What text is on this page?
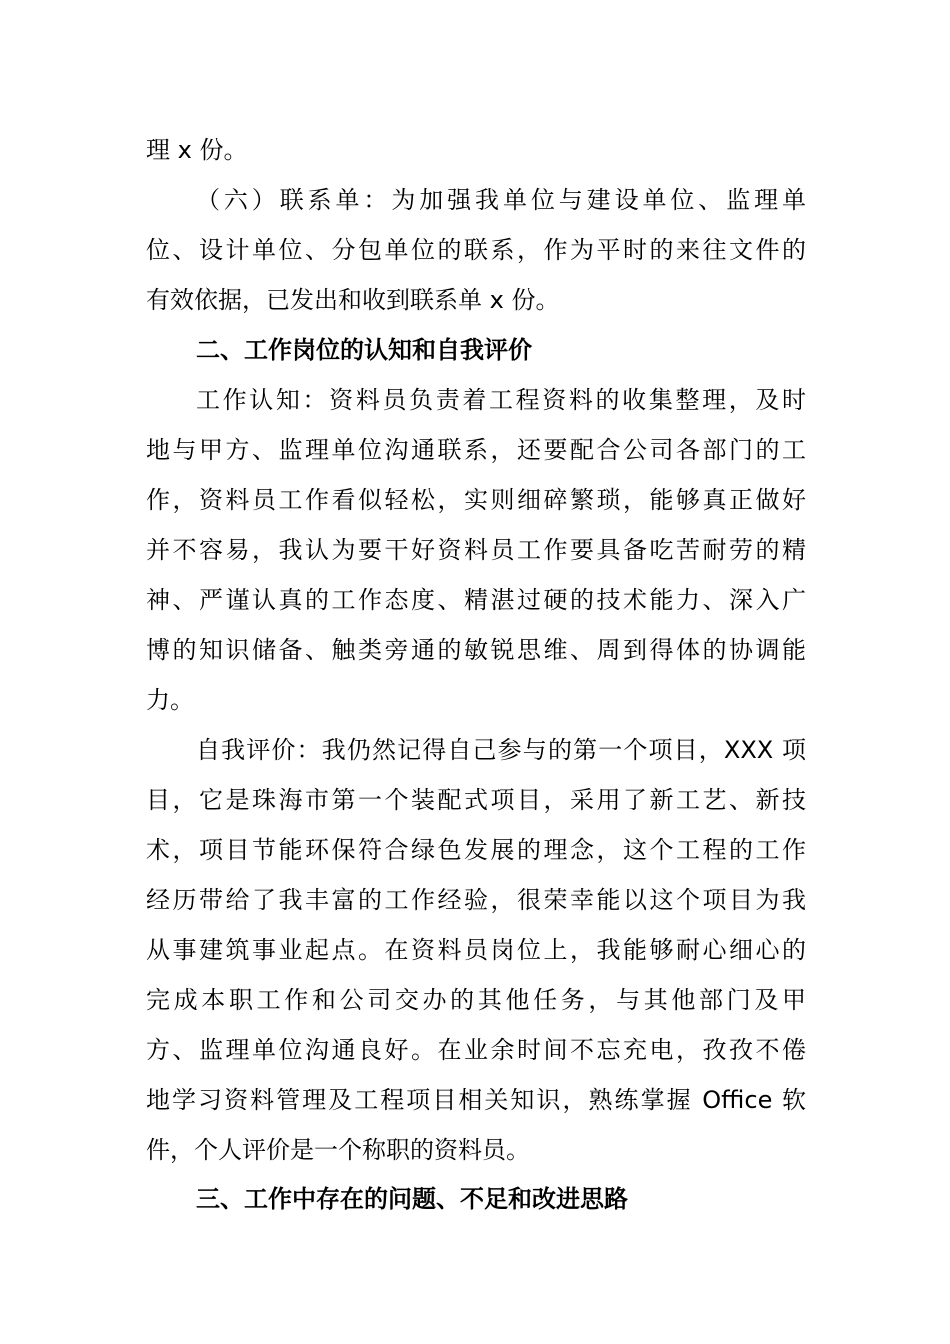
理 x 份。
（六）联系单：为加强我单位与建设单位、监理单
位、设计单位、分包单位的联系，作为平时的来往文件的
有效依据，已发出和收到联系单 x 份。
二、工作岗位的认知和自我评价
工作认知：资料员负责着工程资料的收集整理，及时
地与甲方、监理单位沟通联系，还要配合公司各部门的工
作，资料员工作看似轻松，实则细碎繁琐，能够真正做好
并不容易，我认为要干好资料员工作要具备吃苦耐劳的精
神、严谨认真的工作态度、精湛过硬的技术能力、深入广
博的知识储备、触类旁通的敏锐思维、周到得体的协调能
力。
自我评价：我仍然记得自己参与的第一个项目，XXX 项
目，它是珠海市第一个装配式项目，采用了新工艺、新技
术，项目节能环保符合绿色发展的理念，这个工程的工作
经历带给了我丰富的工作经验，很荣幸能以这个项目为我
从事建筑事业起点。在资料员岗位上，我能够耐心细心的
完成本职工作和公司交办的其他任务，与其他部门及甲
方、监理单位沟通良好。在业余时间不忘充电，孜孜不倦
地学习资料管理及工程项目相关知识，熟练掌握 Office 软
件，个人评价是一个称职的资料员。
三、工作中存在的问题、不足和改进思路
